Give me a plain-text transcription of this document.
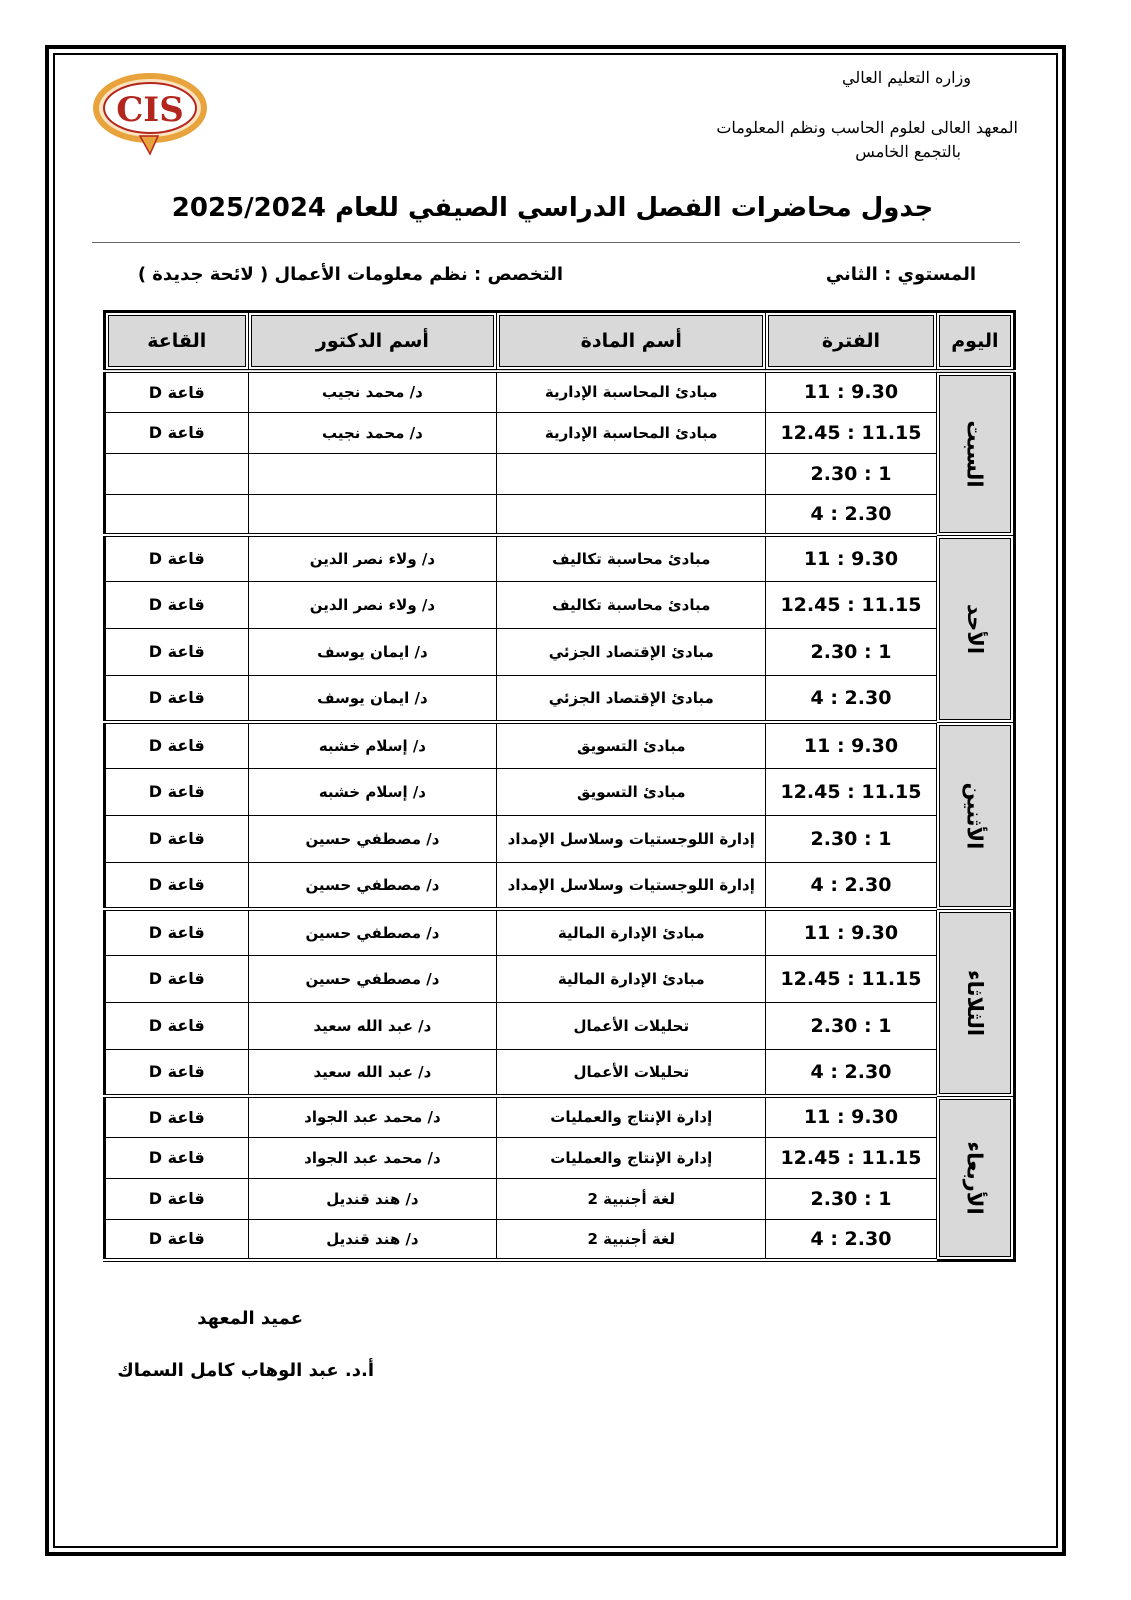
CIS
وزاره التعليم العالي
المعهد العالى لعلوم الحاسب ونظم المعلومات
بالتجمع الخامس
جدول محاضرات الفصل الدراسي الصيفي للعام 2025/2024
المستوي : الثاني
التخصص : نظم معلومات الأعمال ( لائحة جديدة )
اليوم	الفترة	أسم المادة	أسم الدكتور	القاعة
السبت	11 : 9.30	مبادئ المحاسبة الإدارية	د/ محمد نجيب	قاعة D
	12.45 : 11.15	مبادئ المحاسبة الإدارية	د/ محمد نجيب	قاعة D
	2.30 : 1			
	4 : 2.30			
الأحد	11 : 9.30	مبادئ محاسبة تكاليف	د/ ولاء نصر الدين	قاعة D
	12.45 : 11.15	مبادئ محاسبة تكاليف	د/ ولاء نصر الدين	قاعة D
	2.30 : 1	مبادئ الإقتصاد الجزئي	د/ ايمان يوسف	قاعة D
	4 : 2.30	مبادئ الإقتصاد الجزئي	د/ ايمان يوسف	قاعة D
الأثنين	11 : 9.30	مبادئ التسويق	د/ إسلام خشبه	قاعة D
	12.45 : 11.15	مبادئ التسويق	د/ إسلام خشبه	قاعة D
	2.30 : 1	إدارة اللوجستيات وسلاسل الإمداد	د/ مصطفي حسين	قاعة D
	4 : 2.30	إدارة اللوجستيات وسلاسل الإمداد	د/ مصطفي حسين	قاعة D
الثلاثاء	11 : 9.30	مبادئ الإدارة المالية	د/ مصطفي حسين	قاعة D
	12.45 : 11.15	مبادئ الإدارة المالية	د/ مصطفي حسين	قاعة D
	2.30 : 1	تحليلات الأعمال	د/ عبد الله سعيد	قاعة D
	4 : 2.30	تحليلات الأعمال	د/ عبد الله سعيد	قاعة D
الأربعاء	11 : 9.30	إدارة الإنتاج والعمليات	د/ محمد عبد الجواد	قاعة D
	12.45 : 11.15	إدارة الإنتاج والعمليات	د/ محمد عبد الجواد	قاعة D
	2.30 : 1	لغة أجنبية 2	د/ هند قنديل	قاعة D
	4 : 2.30	لغة أجنبية 2	د/ هند قنديل	قاعة D
عميد المعهد
أ.د. عبد الوهاب كامل السماك
